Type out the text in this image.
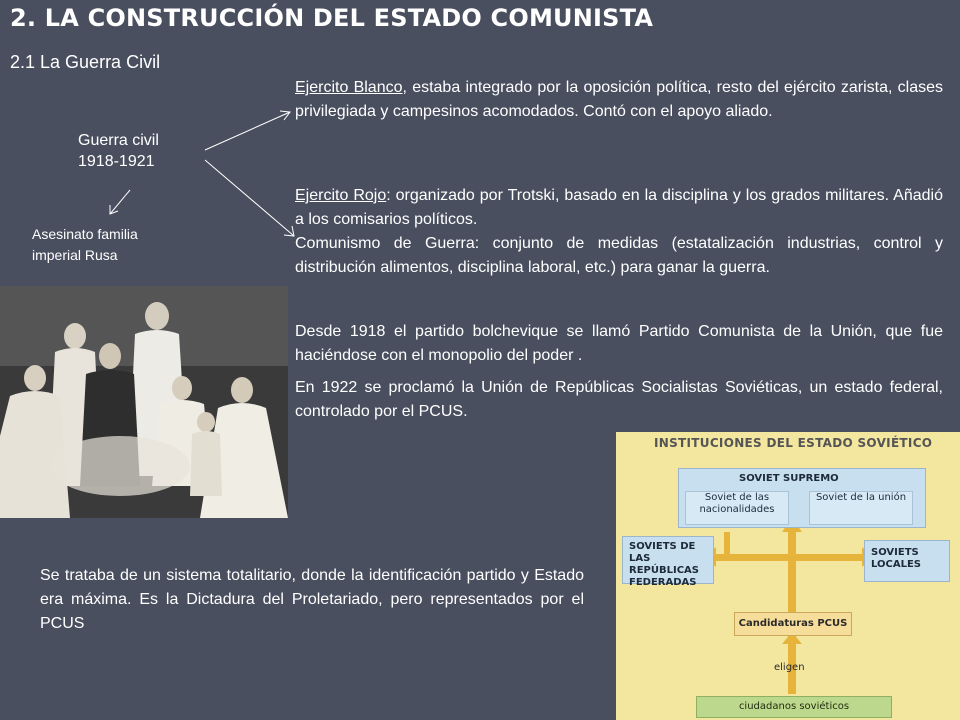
2. LA CONSTRUCCIÓN DEL ESTADO COMUNISTA
2.1 La Guerra Civil
Guerra civil
1918-1921
Asesinato familia
imperial Rusa
Ejercito Blanco, estaba integrado por la oposición política, resto del ejército zarista, clases privilegiada y campesinos acomodados. Contó con el apoyo aliado.
Ejercito Rojo: organizado por Trotski, basado en la disciplina y los grados militares. Añadió a los comisarios políticos.
Comunismo de Guerra: conjunto de medidas (estatalización industrias, control y distribución alimentos, disciplina laboral, etc.) para ganar la guerra.
Desde 1918 el partido bolchevique se llamó Partido Comunista de la Unión, que fue haciéndose con el monopolio del poder .
En 1922 se proclamó la Unión de Repúblicas Socialistas Soviéticas, un estado federal, controlado por el PCUS.
Se trataba de un sistema totalitario, donde la identificación partido y Estado era máxima. Es la Dictadura del Proletariado, pero representados por el PCUS
INSTITUCIONES DEL ESTADO SOVIÉTICO
SOVIET SUPREMO
Soviet de las nacionalidades
Soviet de la unión
SOVIETS DE LAS REPÚBLICAS FEDERADAS
SOVIETS LOCALES
Candidaturas PCUS
eligen
ciudadanos soviéticos
